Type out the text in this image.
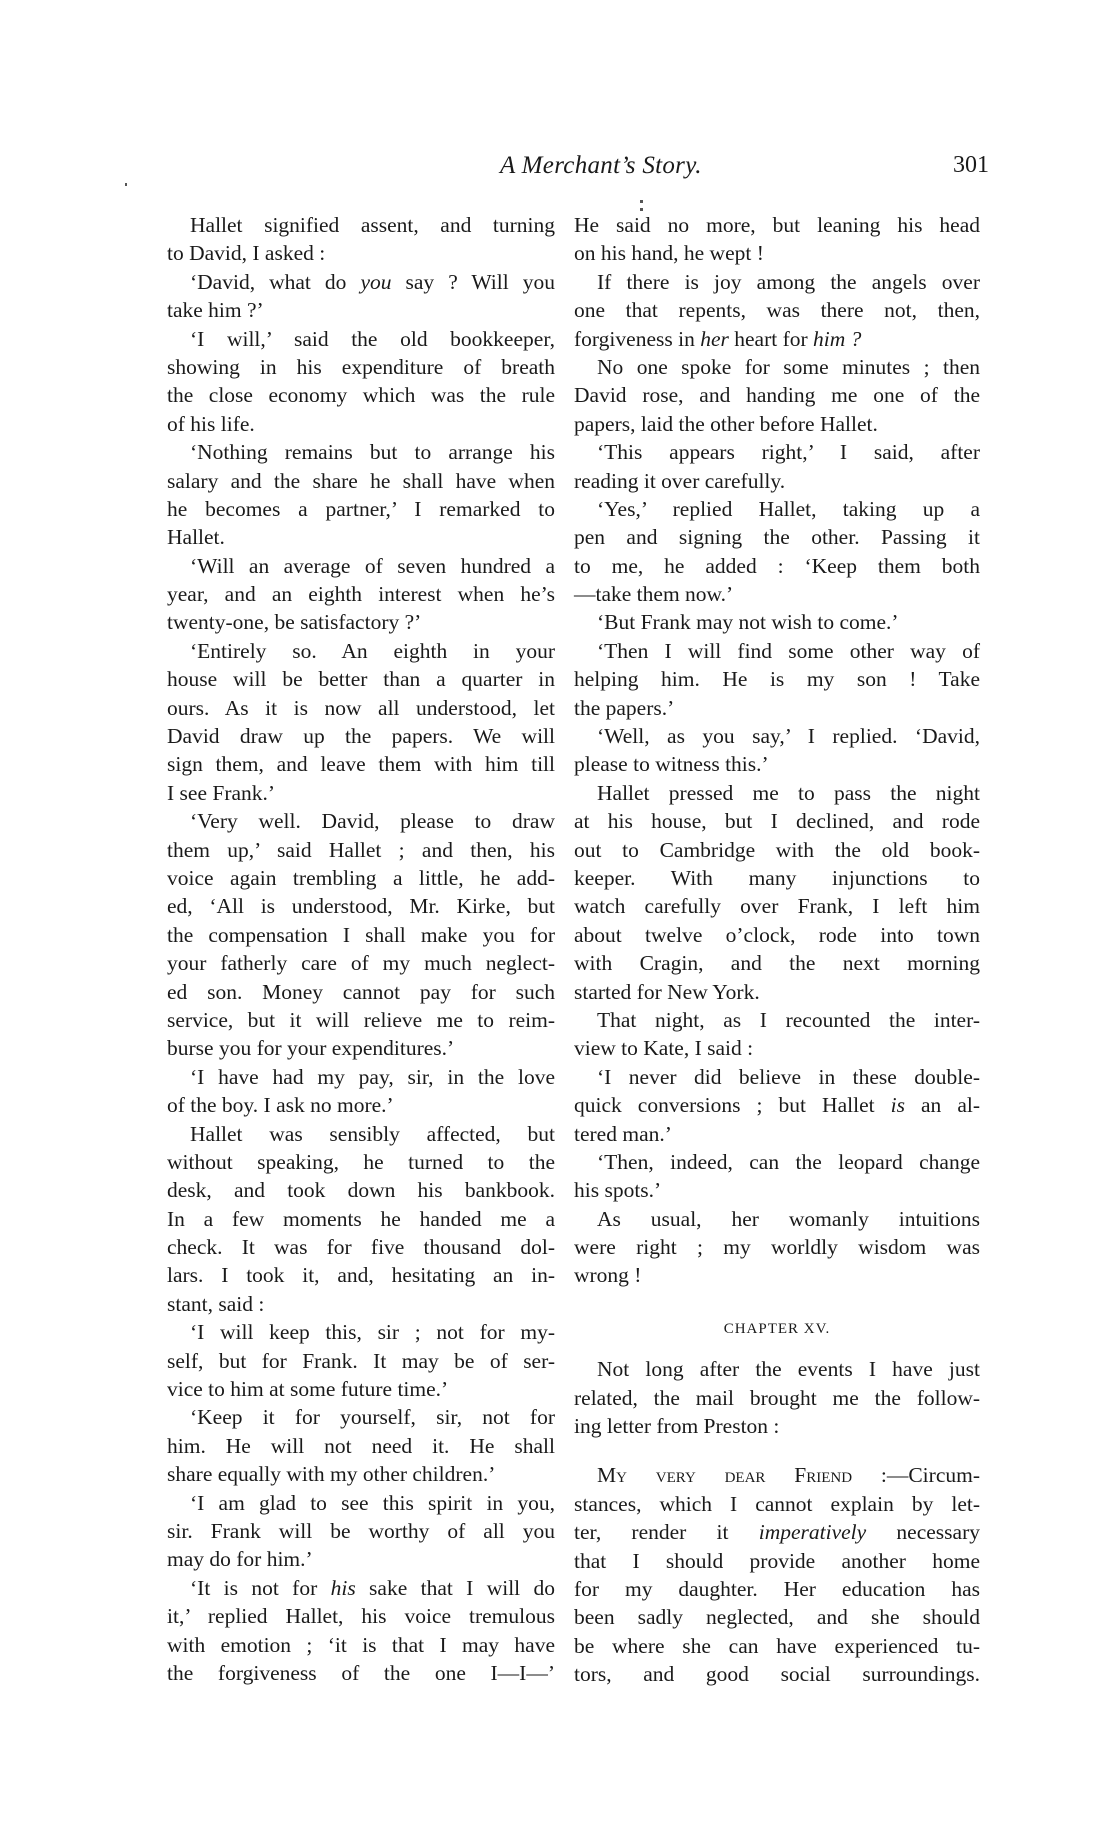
A Merchant’s Story.	301
Hallet signified assent, and turning
to David, I asked :
‘David, what do you say ? Will you
take him ?’
‘I will,’ said the old bookkeeper,
showing in his expenditure of breath
the close economy which was the rule
of his life.
‘Nothing remains but to arrange his
salary and the share he shall have when
he becomes a partner,’ I remarked to
Hallet.
‘Will an average of seven hundred a
year, and an eighth interest when he’s
twenty-one, be satisfactory ?’
‘Entirely so. An eighth in your
house will be better than a quarter in
ours. As it is now all understood, let
David draw up the papers. We will
sign them, and leave them with him till
I see Frank.’
‘Very well. David, please to draw
them up,’ said Hallet ; and then, his
voice again trembling a little, he add-
ed, ‘All is understood, Mr. Kirke, but
the compensation I shall make you for
your fatherly care of my much neglect-
ed son. Money cannot pay for such
service, but it will relieve me to reim-
burse you for your expenditures.’
‘I have had my pay, sir, in the love
of the boy. I ask no more.’
Hallet was sensibly affected, but
without speaking, he turned to the
desk, and took down his bankbook.
In a few moments he handed me a
check. It was for five thousand dol-
lars. I took it, and, hesitating an in-
stant, said :
‘I will keep this, sir ; not for my-
self, but for Frank. It may be of ser-
vice to him at some future time.’
‘Keep it for yourself, sir, not for
him. He will not need it. He shall
share equally with my other children.’
‘I am glad to see this spirit in you,
sir. Frank will be worthy of all you
may do for him.’
‘It is not for his sake that I will do
it,’ replied Hallet, his voice tremulous
with emotion ; ‘it is that I may have
the forgiveness of the one I—I—’
He said no more, but leaning his head
on his hand, he wept !
If there is joy among the angels over
one that repents, was there not, then,
forgiveness in her heart for him ?
No one spoke for some minutes ; then
David rose, and handing me one of the
papers, laid the other before Hallet.
‘This appears right,’ I said, after
reading it over carefully.
‘Yes,’ replied Hallet, taking up a
pen and signing the other. Passing it
to me, he added : ‘Keep them both
—take them now.’
‘But Frank may not wish to come.’
‘Then I will find some other way of
helping him. He is my son ! Take
the papers.’
‘Well, as you say,’ I replied. ‘David,
please to witness this.’
Hallet pressed me to pass the night
at his house, but I declined, and rode
out to Cambridge with the old book-
keeper. With many injunctions to
watch carefully over Frank, I left him
about twelve o’clock, rode into town
with Cragin, and the next morning
started for New York.
That night, as I recounted the inter-
view to Kate, I said :
‘I never did believe in these double-
quick conversions ; but Hallet is an al-
tered man.’
‘Then, indeed, can the leopard change
his spots.’
As usual, her womanly intuitions
were right ; my worldly wisdom was
wrong !
CHAPTER XV.
Not long after the events I have just
related, the mail brought me the follow-
ing letter from Preston :
My very dear Friend :—Circum-
stances, which I cannot explain by let-
ter, render it imperatively necessary
that I should provide another home
for my daughter. Her education has
been sadly neglected, and she should
be where she can have experienced tu-
tors, and good social surroundings.
